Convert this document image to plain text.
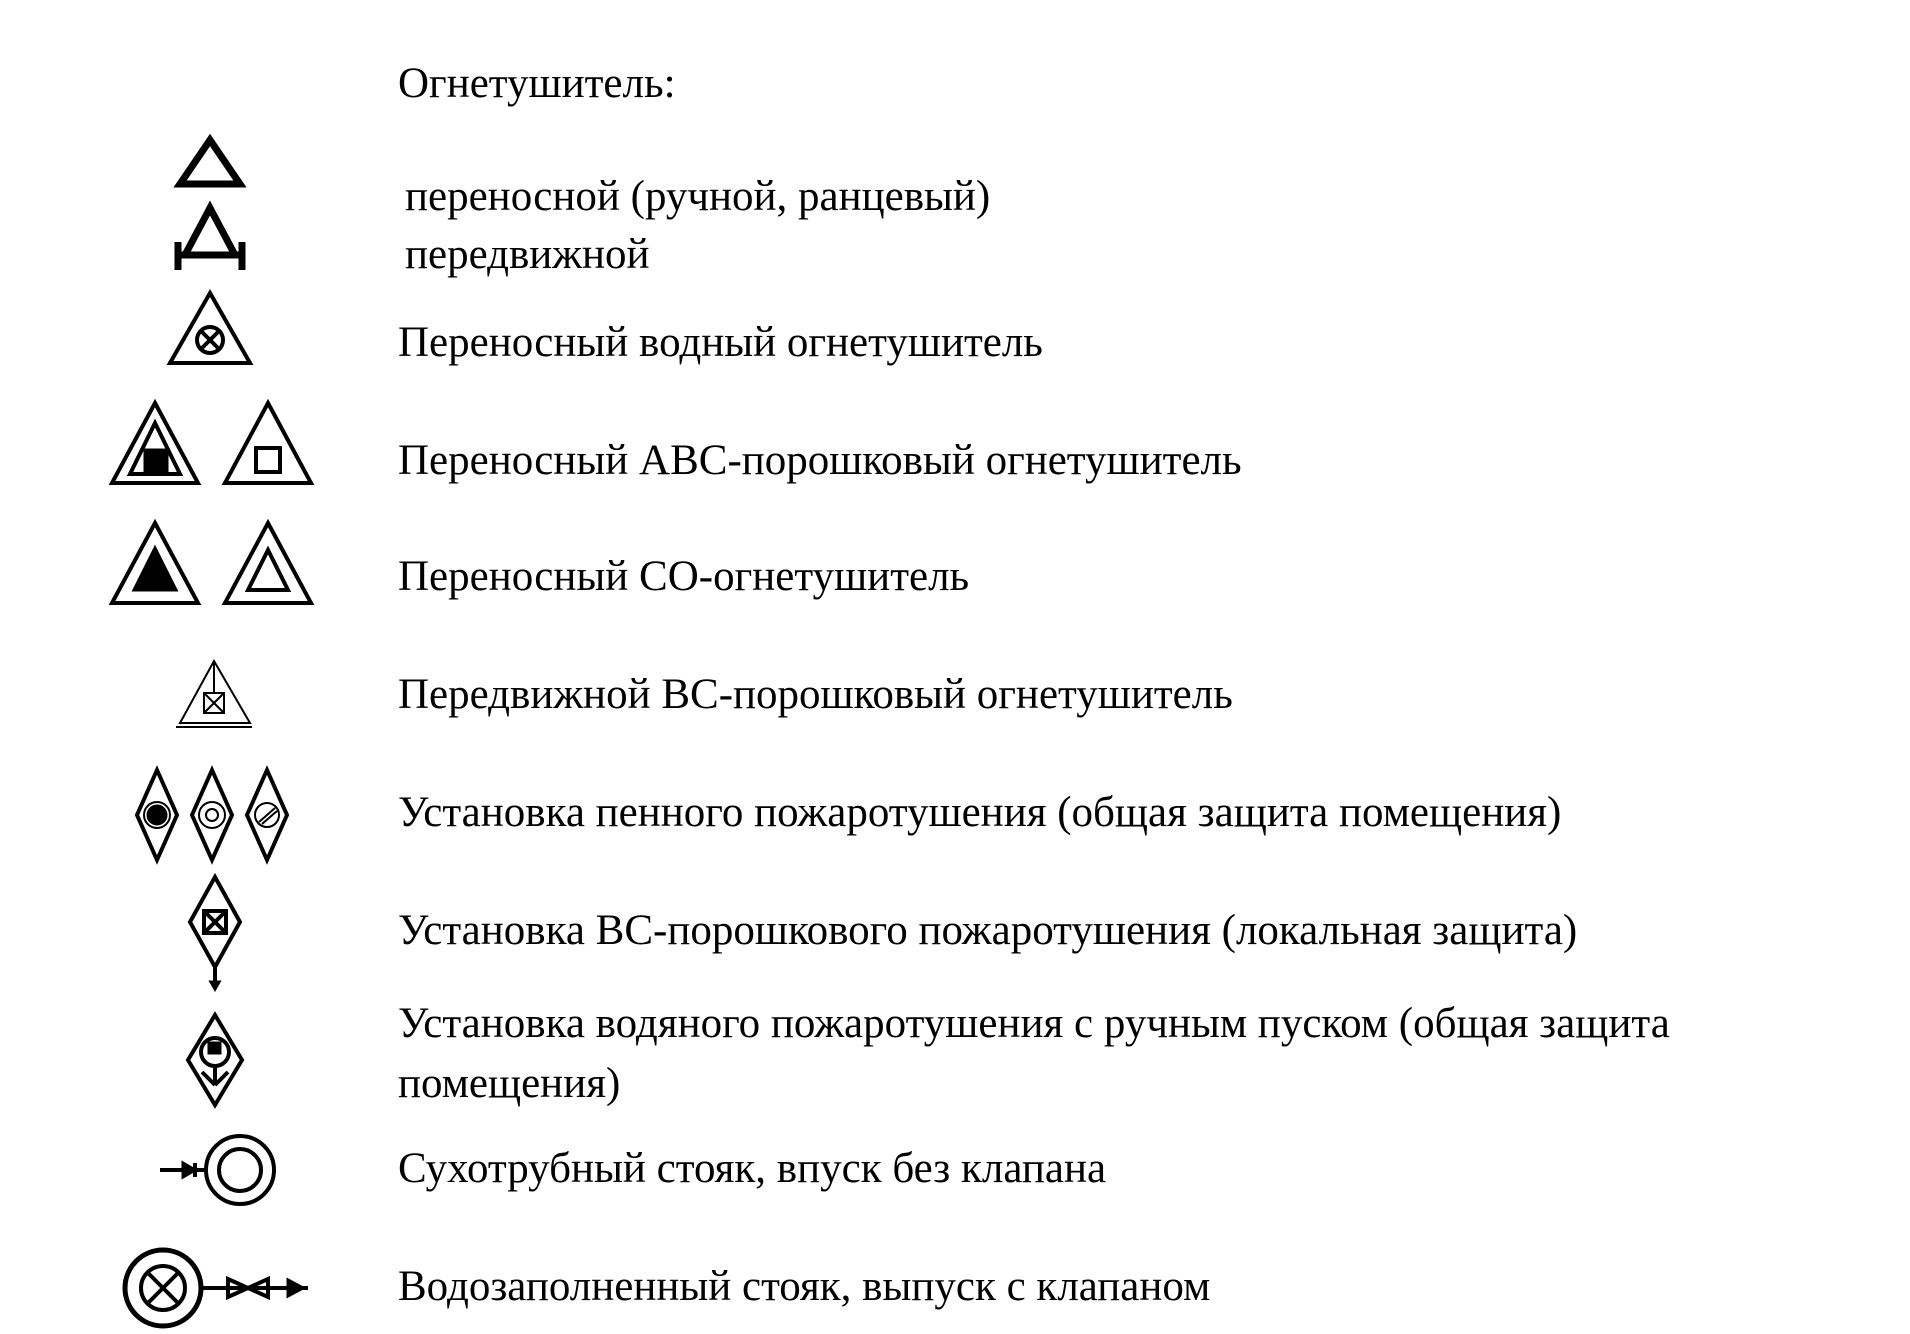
Огнетушитель:
переносной (ручной, ранцевый)
передвижной
Переносный водный огнетушитель
Переносный АВС-порошковый огнетушитель
Переносный СО-огнетушитель
Передвижной ВС-порошковый огнетушитель
Установка пенного пожаротушения (общая защита помещения)
Установка ВС-порошкового пожаротушения (локальная защита)
Установка водяного пожаротушения с ручным пуском (общая защита
помещения)
Сухотрубный стояк, впуск без клапана
Водозаполненный стояк, выпуск с клапаном
